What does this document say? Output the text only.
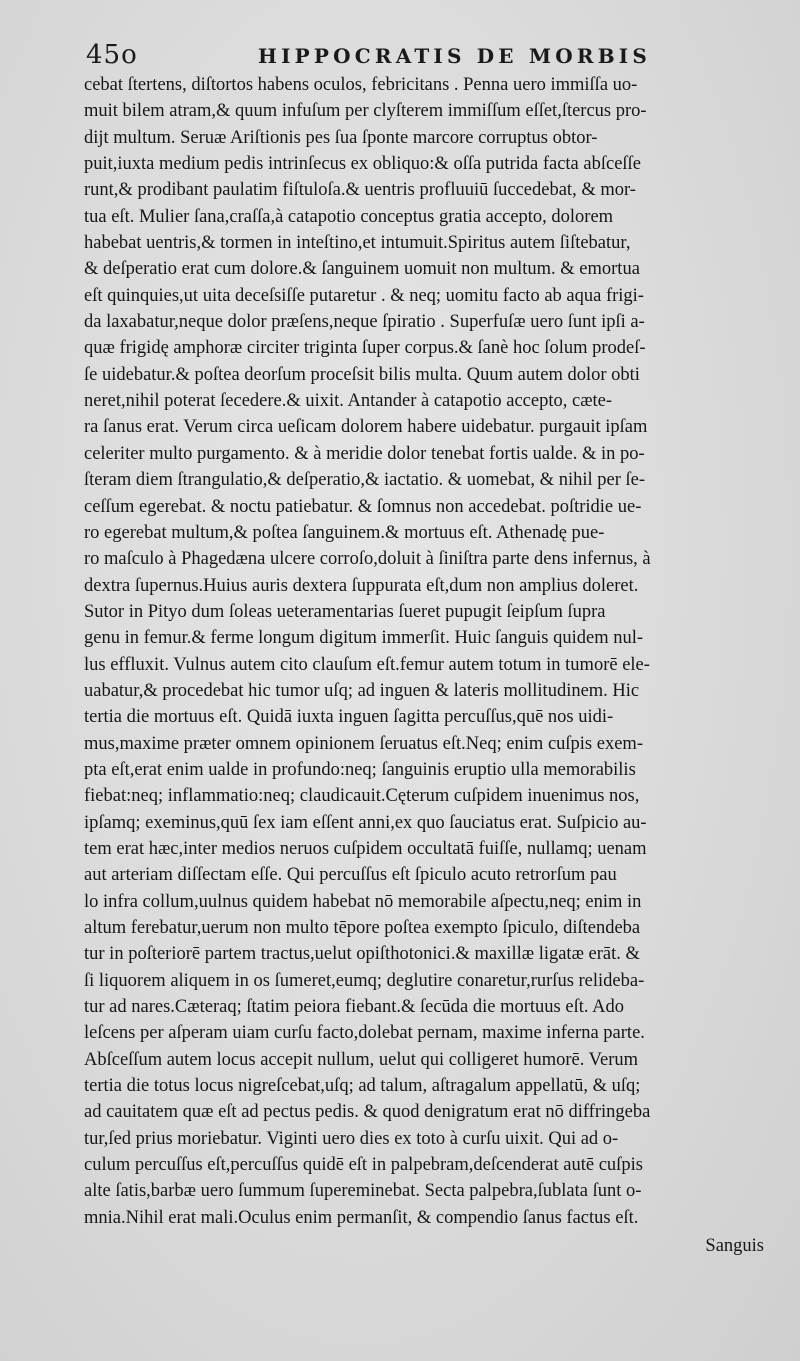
45o	HIPPOCRATIS DE MORBIS
cebat ſtertens, diſtortos habens oculos, febricitans . Penna uero immiſſa uo-
muit bilem atram,& quum infuſum per clyſterem immiſſum eſſet,ſtercus pro-
dijt multum. Seruæ Ariſtionis pes ſua ſponte marcore corruptus obtor-
puit,iuxta medium pedis intrinſecus ex obliquo:& oſſa putrida facta abſceſſe
runt,& prodibant paulatim fiſtuloſa.& uentris profluuiū ſuccedebat, & mor-
tua eſt. Mulier ſana,craſſa,à catapotio conceptus gratia accepto, dolorem
habebat uentris,& tormen in inteſtino,et intumuit.Spiritus autem ſiſtebatur,
& deſperatio erat cum dolore.& ſanguinem uomuit non multum. & emortua
eſt quinquies,ut uita deceſsiſſe putaretur . & neq; uomitu facto ab aqua frigi-
da laxabatur,neque dolor præſens,neque ſpiratio . Superfuſæ uero ſunt ipſi a-
quæ frigidę amphoræ circiter triginta ſuper corpus.& ſanè hoc ſolum prodeſ-
ſe uidebatur.& poſtea deorſum proceſsit bilis multa. Quum autem dolor obti
neret,nihil poterat ſecedere.& uixit. Antander à catapotio accepto, cæte-
ra ſanus erat. Verum circa ueſicam dolorem habere uidebatur. purgauit ipſam
celeriter multo purgamento. & à meridie dolor tenebat fortis ualde. & in po-
ſteram diem ſtrangulatio,& deſperatio,& iactatio. & uomebat, & nihil per ſe-
ceſſum egerebat. & noctu patiebatur. & ſomnus non accedebat. poſtridie ue-
ro egerebat multum,& poſtea ſanguinem.& mortuus eſt. Athenadę pue-
ro maſculo à Phagedæna ulcere corroſo,doluit à ſiniſtra parte dens infernus, à
dextra ſupernus.Huius auris dextera ſuppurata eſt,dum non amplius doleret.
Sutor in Pityo dum ſoleas ueteramentarias ſueret pupugit ſeipſum ſupra
genu in femur.& ferme longum digitum immerſit. Huic ſanguis quidem nul-
lus effluxit. Vulnus autem cito clauſum eſt.femur autem totum in tumorē ele-
uabatur,& procedebat hic tumor uſq; ad inguen & lateris mollitudinem. Hic
tertia die mortuus eſt. Quidā iuxta inguen ſagitta percuſſus,quē nos uidi-
mus,maxime præter omnem opinionem ſeruatus eſt.Neq; enim cuſpis exem-
pta eſt,erat enim ualde in profundo:neq; ſanguinis eruptio ulla memorabilis
fiebat:neq; inflammatio:neq; claudicauit.Cęterum cuſpidem inuenimus nos,
ipſamq; exeminus,quū ſex iam eſſent anni,ex quo ſauciatus erat. Suſpicio au-
tem erat hæc,inter medios neruos cuſpidem occultatā fuiſſe, nullamq; uenam
aut arteriam diſſectam eſſe. Qui percuſſus eſt ſpiculo acuto retrorſum pau
lo infra collum,uulnus quidem habebat nō memorabile aſpectu,neq; enim in
altum ferebatur,uerum non multo tēpore poſtea exempto ſpiculo, diſtendeba
tur in poſteriorē partem tractus,uelut opiſthotonici.& maxillæ ligatæ erāt. &
ſi liquorem aliquem in os ſumeret,eumq; deglutire conaretur,rurſus relideba-
tur ad nares.Cæteraq; ſtatim peiora fiebant.& ſecūda die mortuus eſt. Ado
leſcens per aſperam uiam curſu facto,dolebat pernam, maxime inferna parte.
Abſceſſum autem locus accepit nullum, uelut qui colligeret humorē. Verum
tertia die totus locus nigreſcebat,uſq; ad talum, aſtragalum appellatū, & uſq;
ad cauitatem quæ eſt ad pectus pedis. & quod denigratum erat nō diffringeba
tur,ſed prius moriebatur. Viginti uero dies ex toto à curſu uixit. Qui ad o-
culum percuſſus eſt,percuſſus quidē eſt in palpebram,deſcenderat autē cuſpis
alte ſatis,barbæ uero ſummum ſupereminebat. Secta palpebra,ſublata ſunt o-
mnia.Nihil erat mali.Oculus enim permanſit, & compendio ſanus factus eſt.
Sanguis
